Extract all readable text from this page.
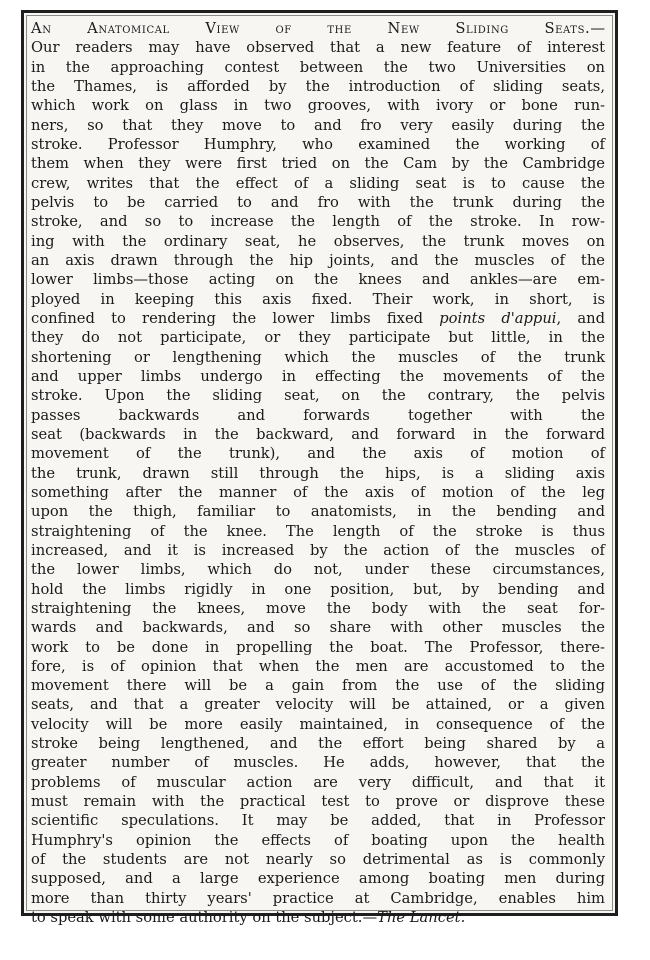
An Anatomical View of the New Sliding Seats.—
Our readers may have observed that a new feature of interest
in the approaching contest between the two Universities on
the Thames, is afforded by the introduction of sliding seats,
which work on glass in two grooves, with ivory or bone run-
ners, so that they move to and fro very easily during the
stroke. Professor Humphry, who examined the working of
them when they were first tried on the Cam by the Cambridge
crew, writes that the effect of a sliding seat is to cause the
pelvis to be carried to and fro with the trunk during the
stroke, and so to increase the length of the stroke. In row-
ing with the ordinary seat, he observes, the trunk moves on
an axis drawn through the hip joints, and the muscles of the
lower limbs—those acting on the knees and ankles—are em-
ployed in keeping this axis fixed. Their work, in short, is
confined to rendering the lower limbs fixed points d'appui, and
they do not participate, or they participate but little, in the
shortening or lengthening which the muscles of the trunk
and upper limbs undergo in effecting the movements of the
stroke. Upon the sliding seat, on the contrary, the pelvis
passes backwards and forwards together with the
seat (backwards in the backward, and forward in the forward
movement of the trunk), and the axis of motion of
the trunk, drawn still through the hips, is a sliding axis
something after the manner of the axis of motion of the leg
upon the thigh, familiar to anatomists, in the bending and
straightening of the knee. The length of the stroke is thus
increased, and it is increased by the action of the muscles of
the lower limbs, which do not, under these circumstances,
hold the limbs rigidly in one position, but, by bending and
straightening the knees, move the body with the seat for-
wards and backwards, and so share with other muscles the
work to be done in propelling the boat. The Professor, there-
fore, is of opinion that when the men are accustomed to the
movement there will be a gain from the use of the sliding
seats, and that a greater velocity will be attained, or a given
velocity will be more easily maintained, in consequence of the
stroke being lengthened, and the effort being shared by a
greater number of muscles. He adds, however, that the
problems of muscular action are very difficult, and that it
must remain with the practical test to prove or disprove these
scientific speculations. It may be added, that in Professor
Humphry's opinion the effects of boating upon the health
of the students are not nearly so detrimental as is commonly
supposed, and a large experience among boating men during
more than thirty years' practice at Cambridge, enables him
to speak with some authority on the subject.—The Lancet.
